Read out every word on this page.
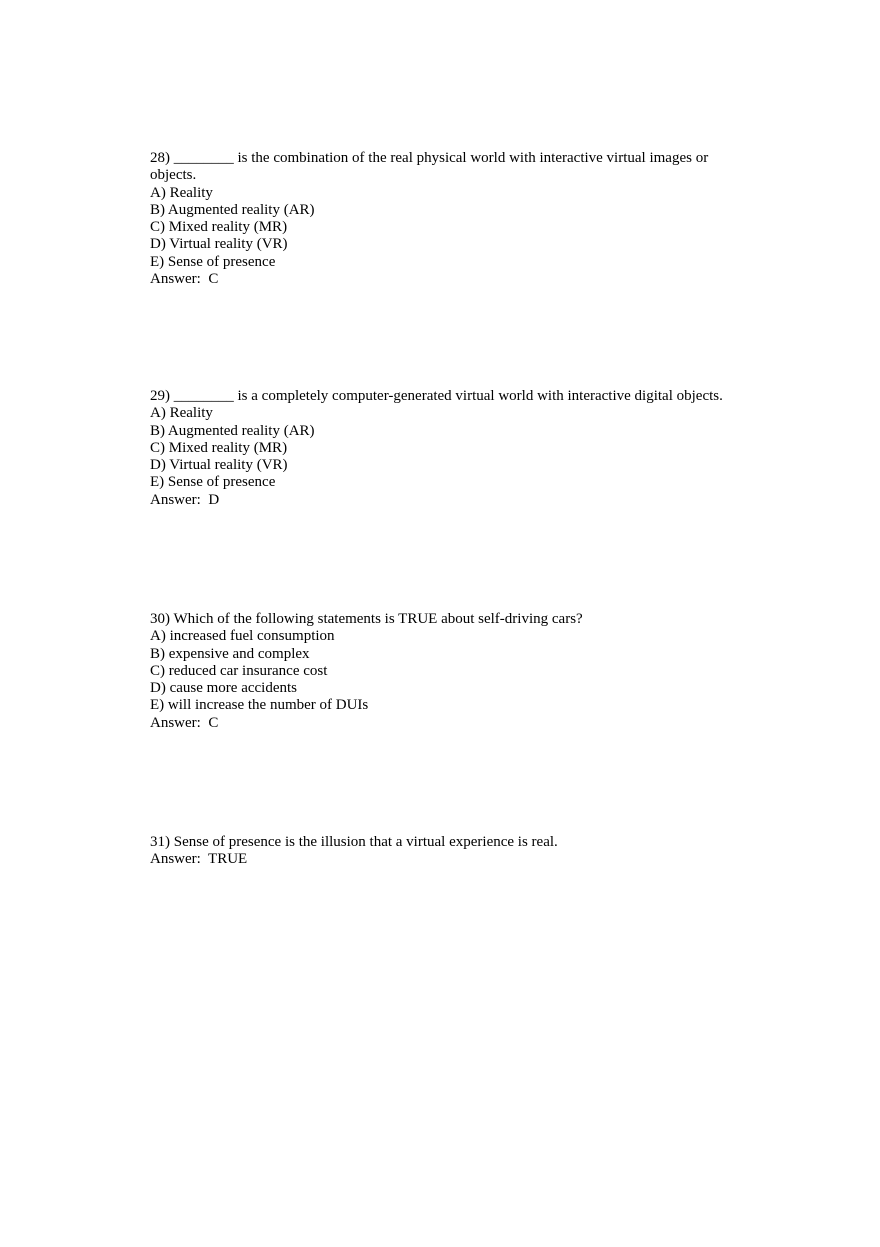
28) ________ is the combination of the real physical world with interactive virtual images or objects.
A) Reality
B) Augmented reality (AR)
C) Mixed reality (MR)
D) Virtual reality (VR)
E) Sense of presence
Answer:  C
29) ________ is a completely computer-generated virtual world with interactive digital objects.
A) Reality
B) Augmented reality (AR)
C) Mixed reality (MR)
D) Virtual reality (VR)
E) Sense of presence
Answer:  D
30) Which of the following statements is TRUE about self-driving cars?
A) increased fuel consumption
B) expensive and complex
C) reduced car insurance cost
D) cause more accidents
E) will increase the number of DUIs
Answer:  C
31) Sense of presence is the illusion that a virtual experience is real.
Answer:  TRUE
